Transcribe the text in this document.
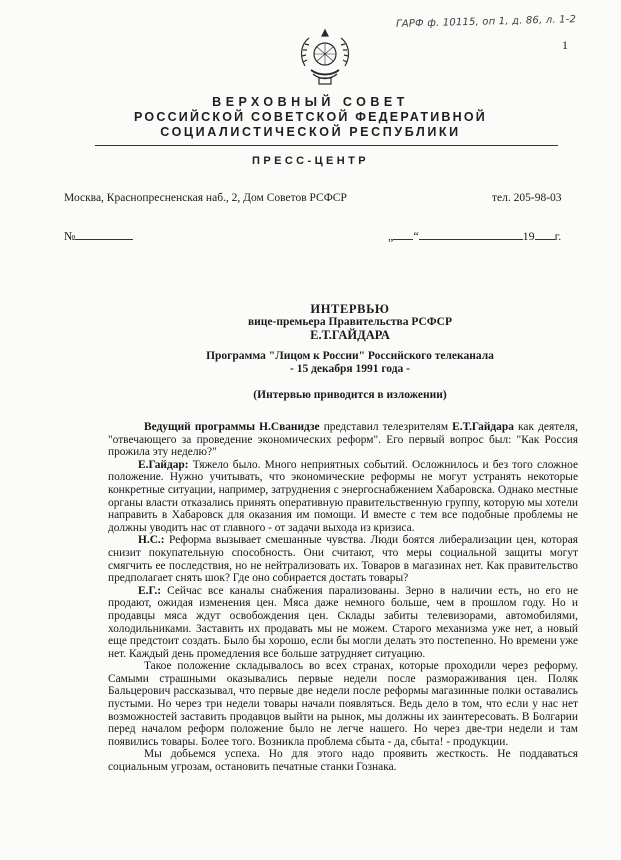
ГАРФ ф. 10115, оп 1, д. 86, л. 1-2
1
ВЕРХОВНЫЙ СОВЕТ
РОССИЙСКОЙ СОВЕТСКОЙ ФЕДЕРАТИВНОЙ
СОЦИАЛИСТИЧЕСКОЙ РЕСПУБЛИКИ
ПРЕСС-ЦЕНТР
Москва, Краснопресненская наб., 2, Дом Советов РСФСР	тел. 205-98-03
№	„ “	19 г.
ИНТЕРВЬЮ
вице-премьера Правительства РСФСР
Е.Т.ГАЙДАРА
Программа "Лицом к России" Российского телеканала
- 15 декабря 1991 года -
(Интервью приводится в изложении)

Ведущий программы Н.Сванидзе представил телезрителям Е.Т.Гайдара как деятеля, "отвечающего за проведение экономических реформ". Его первый вопрос был: "Как Россия прожила эту неделю?"

Е.Гайдар: Тяжело было. Много неприятных событий. Осложнилось и без того сложное положение. Нужно учитывать, что экономические реформы не могут устранять некоторые конкретные ситуации, например, затруднения с энергоснабжением Хабаровска. Однако местные органы власти отказались принять оперативную правительственную группу, которую мы хотели направить в Хабаровск для оказания им помощи. И вместе с тем все подобные проблемы не должны уводить нас от главного - от задачи выхода из кризиса.

Н.С.: Реформа вызывает смешанные чувства. Люди боятся либерализации цен, которая снизит покупательную способность. Они считают, что меры социальной защиты могут смягчить ее последствия, но не нейтрализовать их. Товаров в магазинах нет. Как правительство предполагает снять шок? Где оно собирается достать товары?

Е.Г.: Сейчас все каналы снабжения парализованы. Зерно в наличии есть, но его не продают, ожидая изменения цен. Мяса даже немного больше, чем в прошлом году. Но и продавцы мяса ждут освобождения цен. Склады забиты телевизорами, автомобилями, холодильниками. Заставить их продавать мы не можем. Старого механизма уже нет, а новый еще предстоит создать. Было бы хорошо, если бы могли делать это постепенно. Но времени уже нет. Каждый день промедления все больше затрудняет ситуацию.

Такое положение складывалось во всех странах, которые проходили через реформу. Самыми страшными оказывались первые недели после размораживания цен. Поляк Бальцерович рассказывал, что первые две недели после реформы магазинные полки оставались пустыми. Но через три недели товары начали появляться. Ведь дело в том, что если у нас нет возможностей заставить продавцов выйти на рынок, мы должны их заинтересовать. В Болгарии перед началом реформ положение было не легче нашего. Но через две-три недели и там появились товары. Более того. Возникла проблема сбыта - да, сбыта! - продукции.

Мы добьемся успеха. Но для этого надо проявить жесткость. Не поддаваться социальным угрозам, остановить печатные станки Гознака.
